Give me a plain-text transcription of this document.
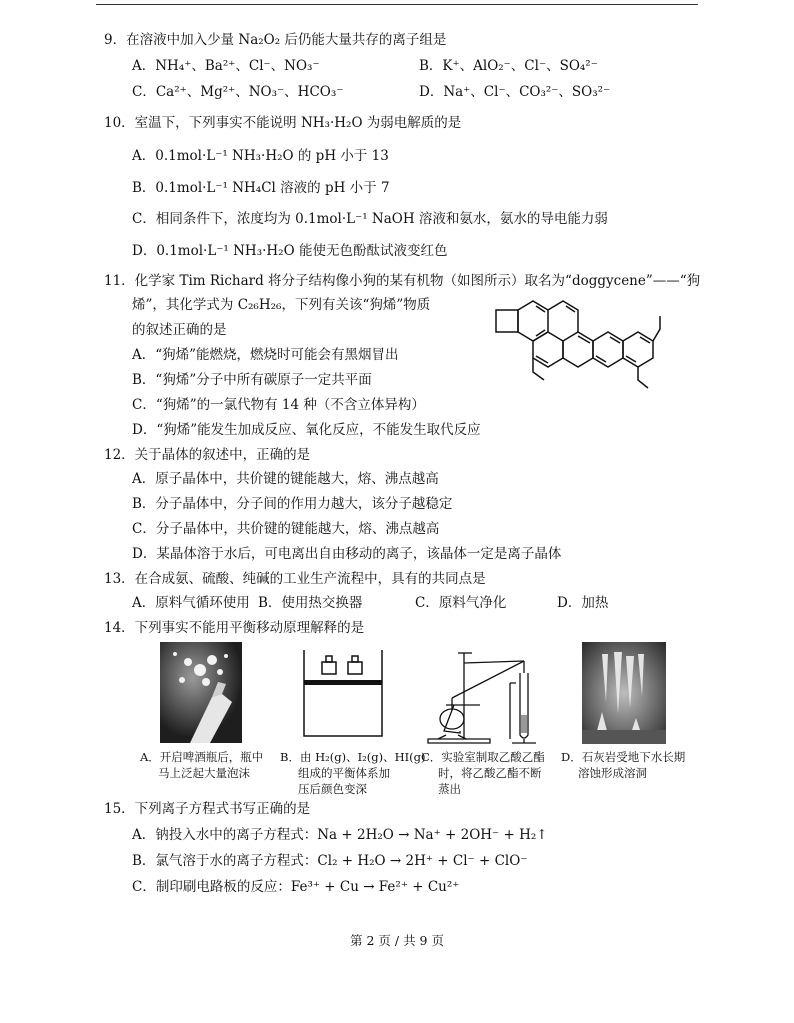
9．在溶液中加入少量 Na₂O₂ 后仍能大量共存的离子组是
A．NH₄⁺、Ba²⁺、Cl⁻、NO₃⁻	B．K⁺、AlO₂⁻、Cl⁻、SO₄²⁻
C．Ca²⁺、Mg²⁺、NO₃⁻、HCO₃⁻	D．Na⁺、Cl⁻、CO₃²⁻、SO₃²⁻
10．室温下，下列事实不能说明 NH₃·H₂O 为弱电解质的是
A．0.1mol·L⁻¹ NH₃·H₂O 的 pH 小于 13
B．0.1mol·L⁻¹ NH₄Cl 溶液的 pH 小于 7
C．相同条件下，浓度均为 0.1mol·L⁻¹ NaOH 溶液和氨水，氨水的导电能力弱
D．0.1mol·L⁻¹ NH₃·H₂O 能使无色酚酞试液变红色
11．化学家 Tim Richard 将分子结构像小狗的某有机物（如图所示）取名为“doggycene”——“狗
烯”，其化学式为 C₂₆H₂₆，下列有关该“狗烯”物质
的叙述正确的是
A．“狗烯”能燃烧，燃烧时可能会有黑烟冒出
B．“狗烯”分子中所有碳原子一定共平面
C．“狗烯”的一氯代物有 14 种（不含立体异构）
D．“狗烯”能发生加成反应、氧化反应，不能发生取代反应
12．关于晶体的叙述中，正确的是
A．原子晶体中，共价键的键能越大，熔、沸点越高
B．分子晶体中，分子间的作用力越大，该分子越稳定
C．分子晶体中，共价键的键能越大，熔、沸点越高
D．某晶体溶于水后，可电离出自由移动的离子，该晶体一定是离子晶体
13．在合成氨、硫酸、纯碱的工业生产流程中，具有的共同点是
A．原料气循环使用 B．使用热交换器	C．原料气净化	D．加热
14．下列事实不能用平衡移动原理解释的是
A．开启啤酒瓶后，瓶中
马上泛起大量泡沫
B．由 H₂(g)、I₂(g)、HI(g)
组成的平衡体系加
压后颜色变深
C．实验室制取乙酸乙酯
时，将乙酸乙酯不断
蒸出
D．石灰岩受地下水长期
溶蚀形成溶洞
15．下列离子方程式书写正确的是
A．钠投入水中的离子方程式：Na + 2H₂O → Na⁺ + 2OH⁻ + H₂↑
B．氯气溶于水的离子方程式：Cl₂ + H₂O → 2H⁺ + Cl⁻ + ClO⁻
C．制印刷电路板的反应：Fe³⁺ + Cu → Fe²⁺ + Cu²⁺
第 2 页 / 共 9 页
